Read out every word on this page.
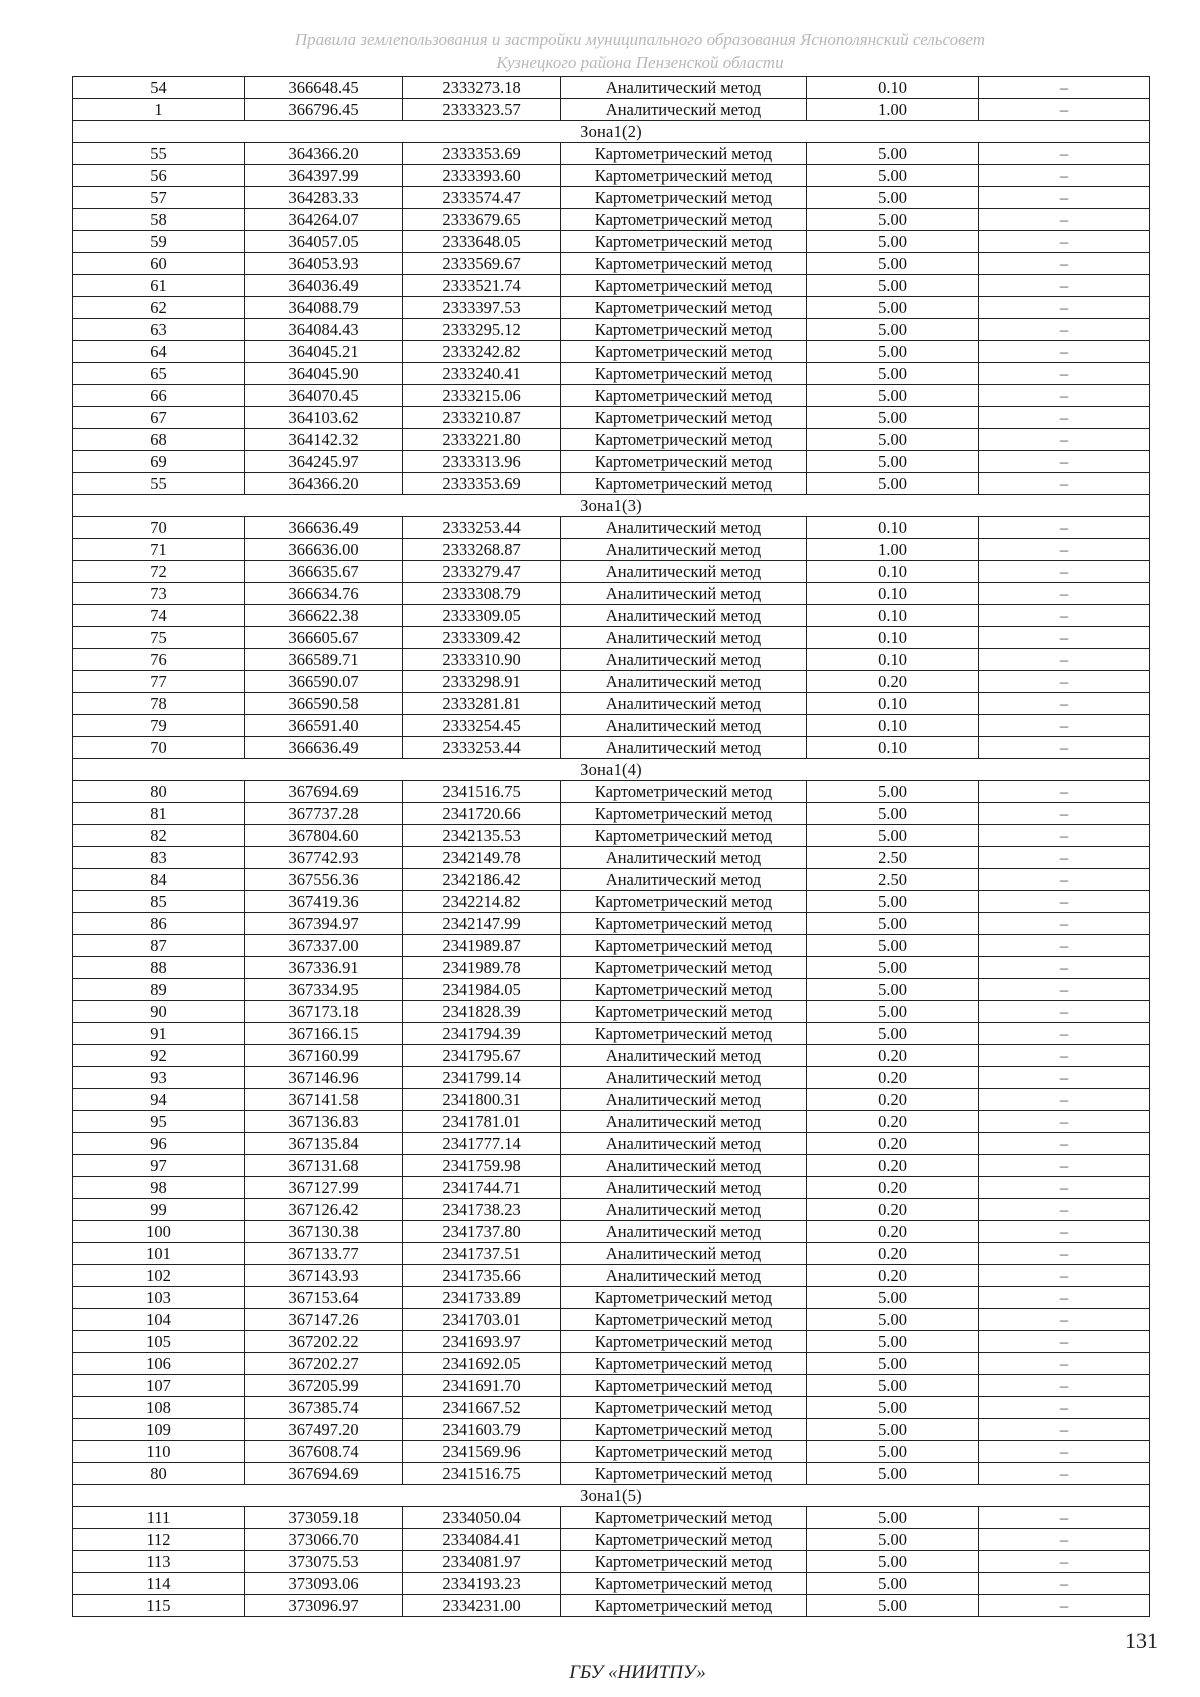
Правила землепользования и застройки муниципального образования Яснополянский сельсовет
Кузнецкого района Пензенской области
54	366648.45	2333273.18	Аналитический метод	0.10	–
1	366796.45	2333323.57	Аналитический метод	1.00	–
Зона1(2)					
55	364366.20	2333353.69	Картометрический метод	5.00	–
56	364397.99	2333393.60	Картометрический метод	5.00	–
57	364283.33	2333574.47	Картометрический метод	5.00	–
58	364264.07	2333679.65	Картометрический метод	5.00	–
59	364057.05	2333648.05	Картометрический метод	5.00	–
60	364053.93	2333569.67	Картометрический метод	5.00	–
61	364036.49	2333521.74	Картометрический метод	5.00	–
62	364088.79	2333397.53	Картометрический метод	5.00	–
63	364084.43	2333295.12	Картометрический метод	5.00	–
64	364045.21	2333242.82	Картометрический метод	5.00	–
65	364045.90	2333240.41	Картометрический метод	5.00	–
66	364070.45	2333215.06	Картометрический метод	5.00	–
67	364103.62	2333210.87	Картометрический метод	5.00	–
68	364142.32	2333221.80	Картометрический метод	5.00	–
69	364245.97	2333313.96	Картометрический метод	5.00	–
55	364366.20	2333353.69	Картометрический метод	5.00	–
Зона1(3)					
70	366636.49	2333253.44	Аналитический метод	0.10	–
71	366636.00	2333268.87	Аналитический метод	1.00	–
72	366635.67	2333279.47	Аналитический метод	0.10	–
73	366634.76	2333308.79	Аналитический метод	0.10	–
74	366622.38	2333309.05	Аналитический метод	0.10	–
75	366605.67	2333309.42	Аналитический метод	0.10	–
76	366589.71	2333310.90	Аналитический метод	0.10	–
77	366590.07	2333298.91	Аналитический метод	0.20	–
78	366590.58	2333281.81	Аналитический метод	0.10	–
79	366591.40	2333254.45	Аналитический метод	0.10	–
70	366636.49	2333253.44	Аналитический метод	0.10	–
Зона1(4)					
80	367694.69	2341516.75	Картометрический метод	5.00	–
81	367737.28	2341720.66	Картометрический метод	5.00	–
82	367804.60	2342135.53	Картометрический метод	5.00	–
83	367742.93	2342149.78	Аналитический метод	2.50	–
84	367556.36	2342186.42	Аналитический метод	2.50	–
85	367419.36	2342214.82	Картометрический метод	5.00	–
86	367394.97	2342147.99	Картометрический метод	5.00	–
87	367337.00	2341989.87	Картометрический метод	5.00	–
88	367336.91	2341989.78	Картометрический метод	5.00	–
89	367334.95	2341984.05	Картометрический метод	5.00	–
90	367173.18	2341828.39	Картометрический метод	5.00	–
91	367166.15	2341794.39	Картометрический метод	5.00	–
92	367160.99	2341795.67	Аналитический метод	0.20	–
93	367146.96	2341799.14	Аналитический метод	0.20	–
94	367141.58	2341800.31	Аналитический метод	0.20	–
95	367136.83	2341781.01	Аналитический метод	0.20	–
96	367135.84	2341777.14	Аналитический метод	0.20	–
97	367131.68	2341759.98	Аналитический метод	0.20	–
98	367127.99	2341744.71	Аналитический метод	0.20	–
99	367126.42	2341738.23	Аналитический метод	0.20	–
100	367130.38	2341737.80	Аналитический метод	0.20	–
101	367133.77	2341737.51	Аналитический метод	0.20	–
102	367143.93	2341735.66	Аналитический метод	0.20	–
103	367153.64	2341733.89	Картометрический метод	5.00	–
104	367147.26	2341703.01	Картометрический метод	5.00	–
105	367202.22	2341693.97	Картометрический метод	5.00	–
106	367202.27	2341692.05	Картометрический метод	5.00	–
107	367205.99	2341691.70	Картометрический метод	5.00	–
108	367385.74	2341667.52	Картометрический метод	5.00	–
109	367497.20	2341603.79	Картометрический метод	5.00	–
110	367608.74	2341569.96	Картометрический метод	5.00	–
80	367694.69	2341516.75	Картометрический метод	5.00	–
Зона1(5)					
111	373059.18	2334050.04	Картометрический метод	5.00	–
112	373066.70	2334084.41	Картометрический метод	5.00	–
113	373075.53	2334081.97	Картометрический метод	5.00	–
114	373093.06	2334193.23	Картометрический метод	5.00	–
115	373096.97	2334231.00	Картометрический метод	5.00	–
131
ГБУ «НИИТПУ»
